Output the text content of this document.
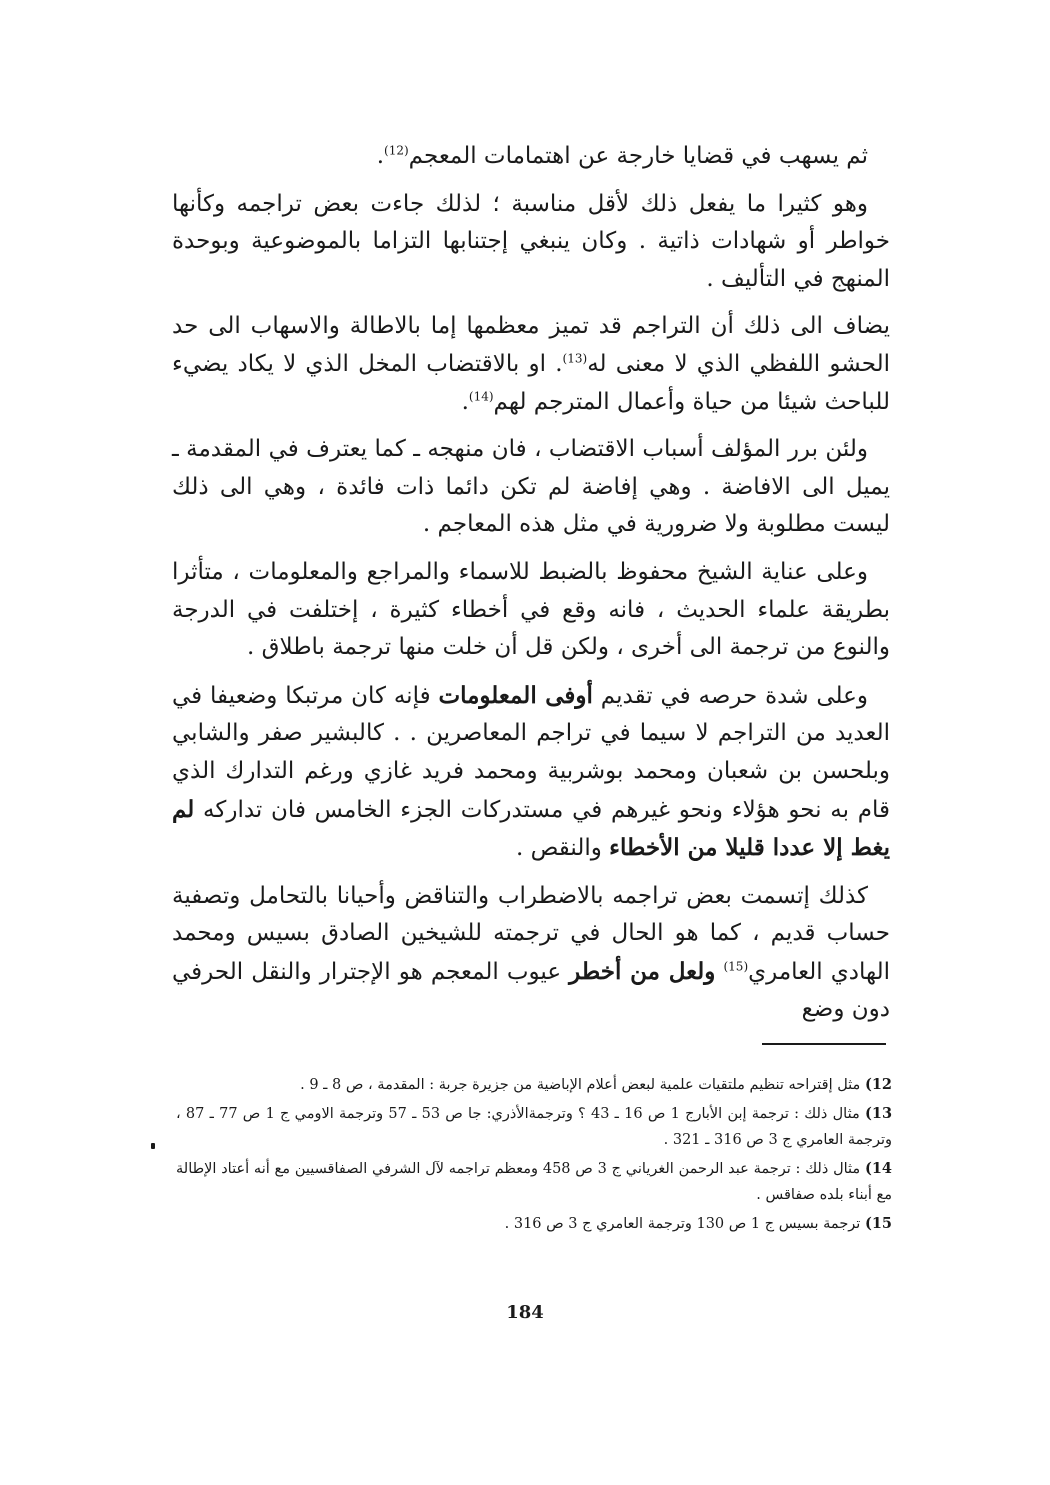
ثم يسهب في قضايا خارجة عن اهتمامات المعجم$^{(12)}$.

وهو كثيرا ما يفعل ذلك لأقل مناسبة ؛ لذلك جاءت بعض تراجمه وكأنها خواطر أو شهادات ذاتية . وكان ينبغي إجتنابها التزاما بالموضوعية وبوحدة المنهج في التأليف .

يضاف الى ذلك أن التراجم قد تميز معظمها إما بالاطالة والاسهاب الى حد الحشو اللفظي الذي لا معنى له$^{(13)}$. او بالاقتضاب المخل الذي لا يكاد يضيء للباحث شيئا من حياة وأعمال المترجم لهم$^{(14)}$.

ولئن برر المؤلف أسباب الاقتضاب ، فان منهجه ـ كما يعترف في المقدمة ـ يميل الى الافاضة . وهي إفاضة لم تكن دائما ذات فائدة ، وهي الى ذلك ليست مطلوبة ولا ضرورية في مثل هذه المعاجم .

وعلى عناية الشيخ محفوظ بالضبط للاسماء والمراجع والمعلومات ، متأثرا بطريقة علماء الحديث ، فانه وقع في أخطاء كثيرة ، إختلفت في الدرجة والنوع من ترجمة الى أخرى ، ولكن قل أن خلت منها ترجمة باطلاق .

وعلى شدة حرصه في تقديم أوفى المعلومات فإنه كان مرتبكا وضعيفا في العديد من التراجم لا سيما في تراجم المعاصرين . . كالبشير صفر والشابي وبلحسن بن شعبان ومحمد بوشربية ومحمد فريد غازي ورغم التدارك الذي قام به نحو هؤلاء ونحو غيرهم في مستدركات الجزء الخامس فان تداركه لم يغط إلا عددا قليلا من الأخطاء والنقص .

كذلك إتسمت بعض تراجمه بالاضطراب والتناقض وأحيانا بالتحامل وتصفية حساب قديم ، كما هو الحال في ترجمته للشيخين الصادق بسيس ومحمد الهادي العامري$^{(15)}$ ولعل من أخطر عيوب المعجم هو الإجترار والنقل الحرفي دون وضع

12) مثل إقتراحه تنظيم ملتقيات علمية لبعض أعلام الإباضية من جزيرة جربة : المقدمة ، ص 8 ـ 9 .

13) مثال ذلك : ترجمة إبن الأبارج 1 ص 16 ـ 43 ؟ وترجمةالأذري: جا ص 53 ـ 57 وترجمة الاومي ج 1 ص 77 ـ 87 ، وترجمة العامري ج 3 ص 316 ـ 321 .

14) مثال ذلك : ترجمة عبد الرحمن الغرياني ج 3 ص 458 ومعظم تراجمه لآل الشرفي الصفاقسيين مع أنه أعتاد الإطالة مع أبناء بلده صفاقس .

15) ترجمة بسيس ج 1 ص 130 وترجمة العامري ج 3 ص 316 .

184
